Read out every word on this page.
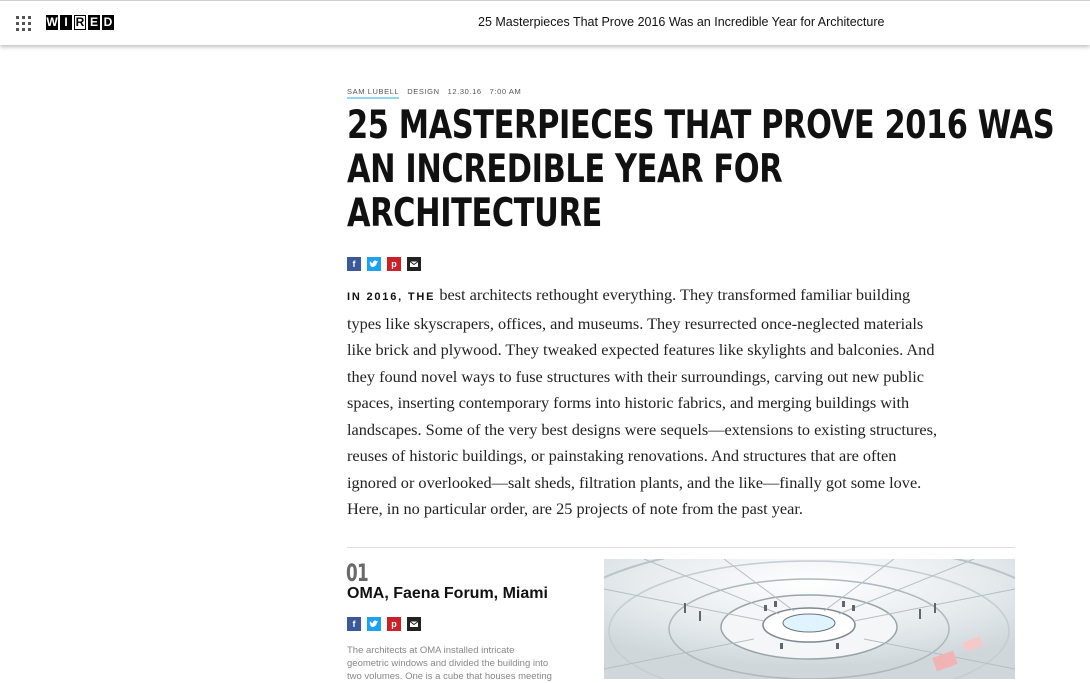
W I R E D	25 Masterpieces That Prove 2016 Was an Incredible Year for Architecture
SAM LUBELL DESIGN 12.30.16 7:00 AM
25 MASTERPIECES THAT PROVE 2016 WAS
AN INCREDIBLE YEAR FOR
ARCHITECTURE
f	p
IN 2016, THE best architects rethought everything. They transformed familiar building
types like skyscrapers, offices, and museums. They resurrected once-neglected materials
like brick and plywood. They tweaked expected features like skylights and balconies. And
they found novel ways to fuse structures with their surroundings, carving out new public
spaces, inserting contemporary forms into historic fabrics, and merging buildings with
landscapes. Some of the very best designs were sequels—extensions to existing structures,
reuses of historic buildings, or painstaking renovations. And structures that are often
ignored or overlooked—salt sheds, filtration plants, and the like—finally got some love.
Here, in no particular order, are 25 projects of note from the past year.
01
OMA, Faena Forum, Miami
f	p
The architects at OMA installed intricate
geometric windows and divided the building into
two volumes. One is a cube that houses meeting
